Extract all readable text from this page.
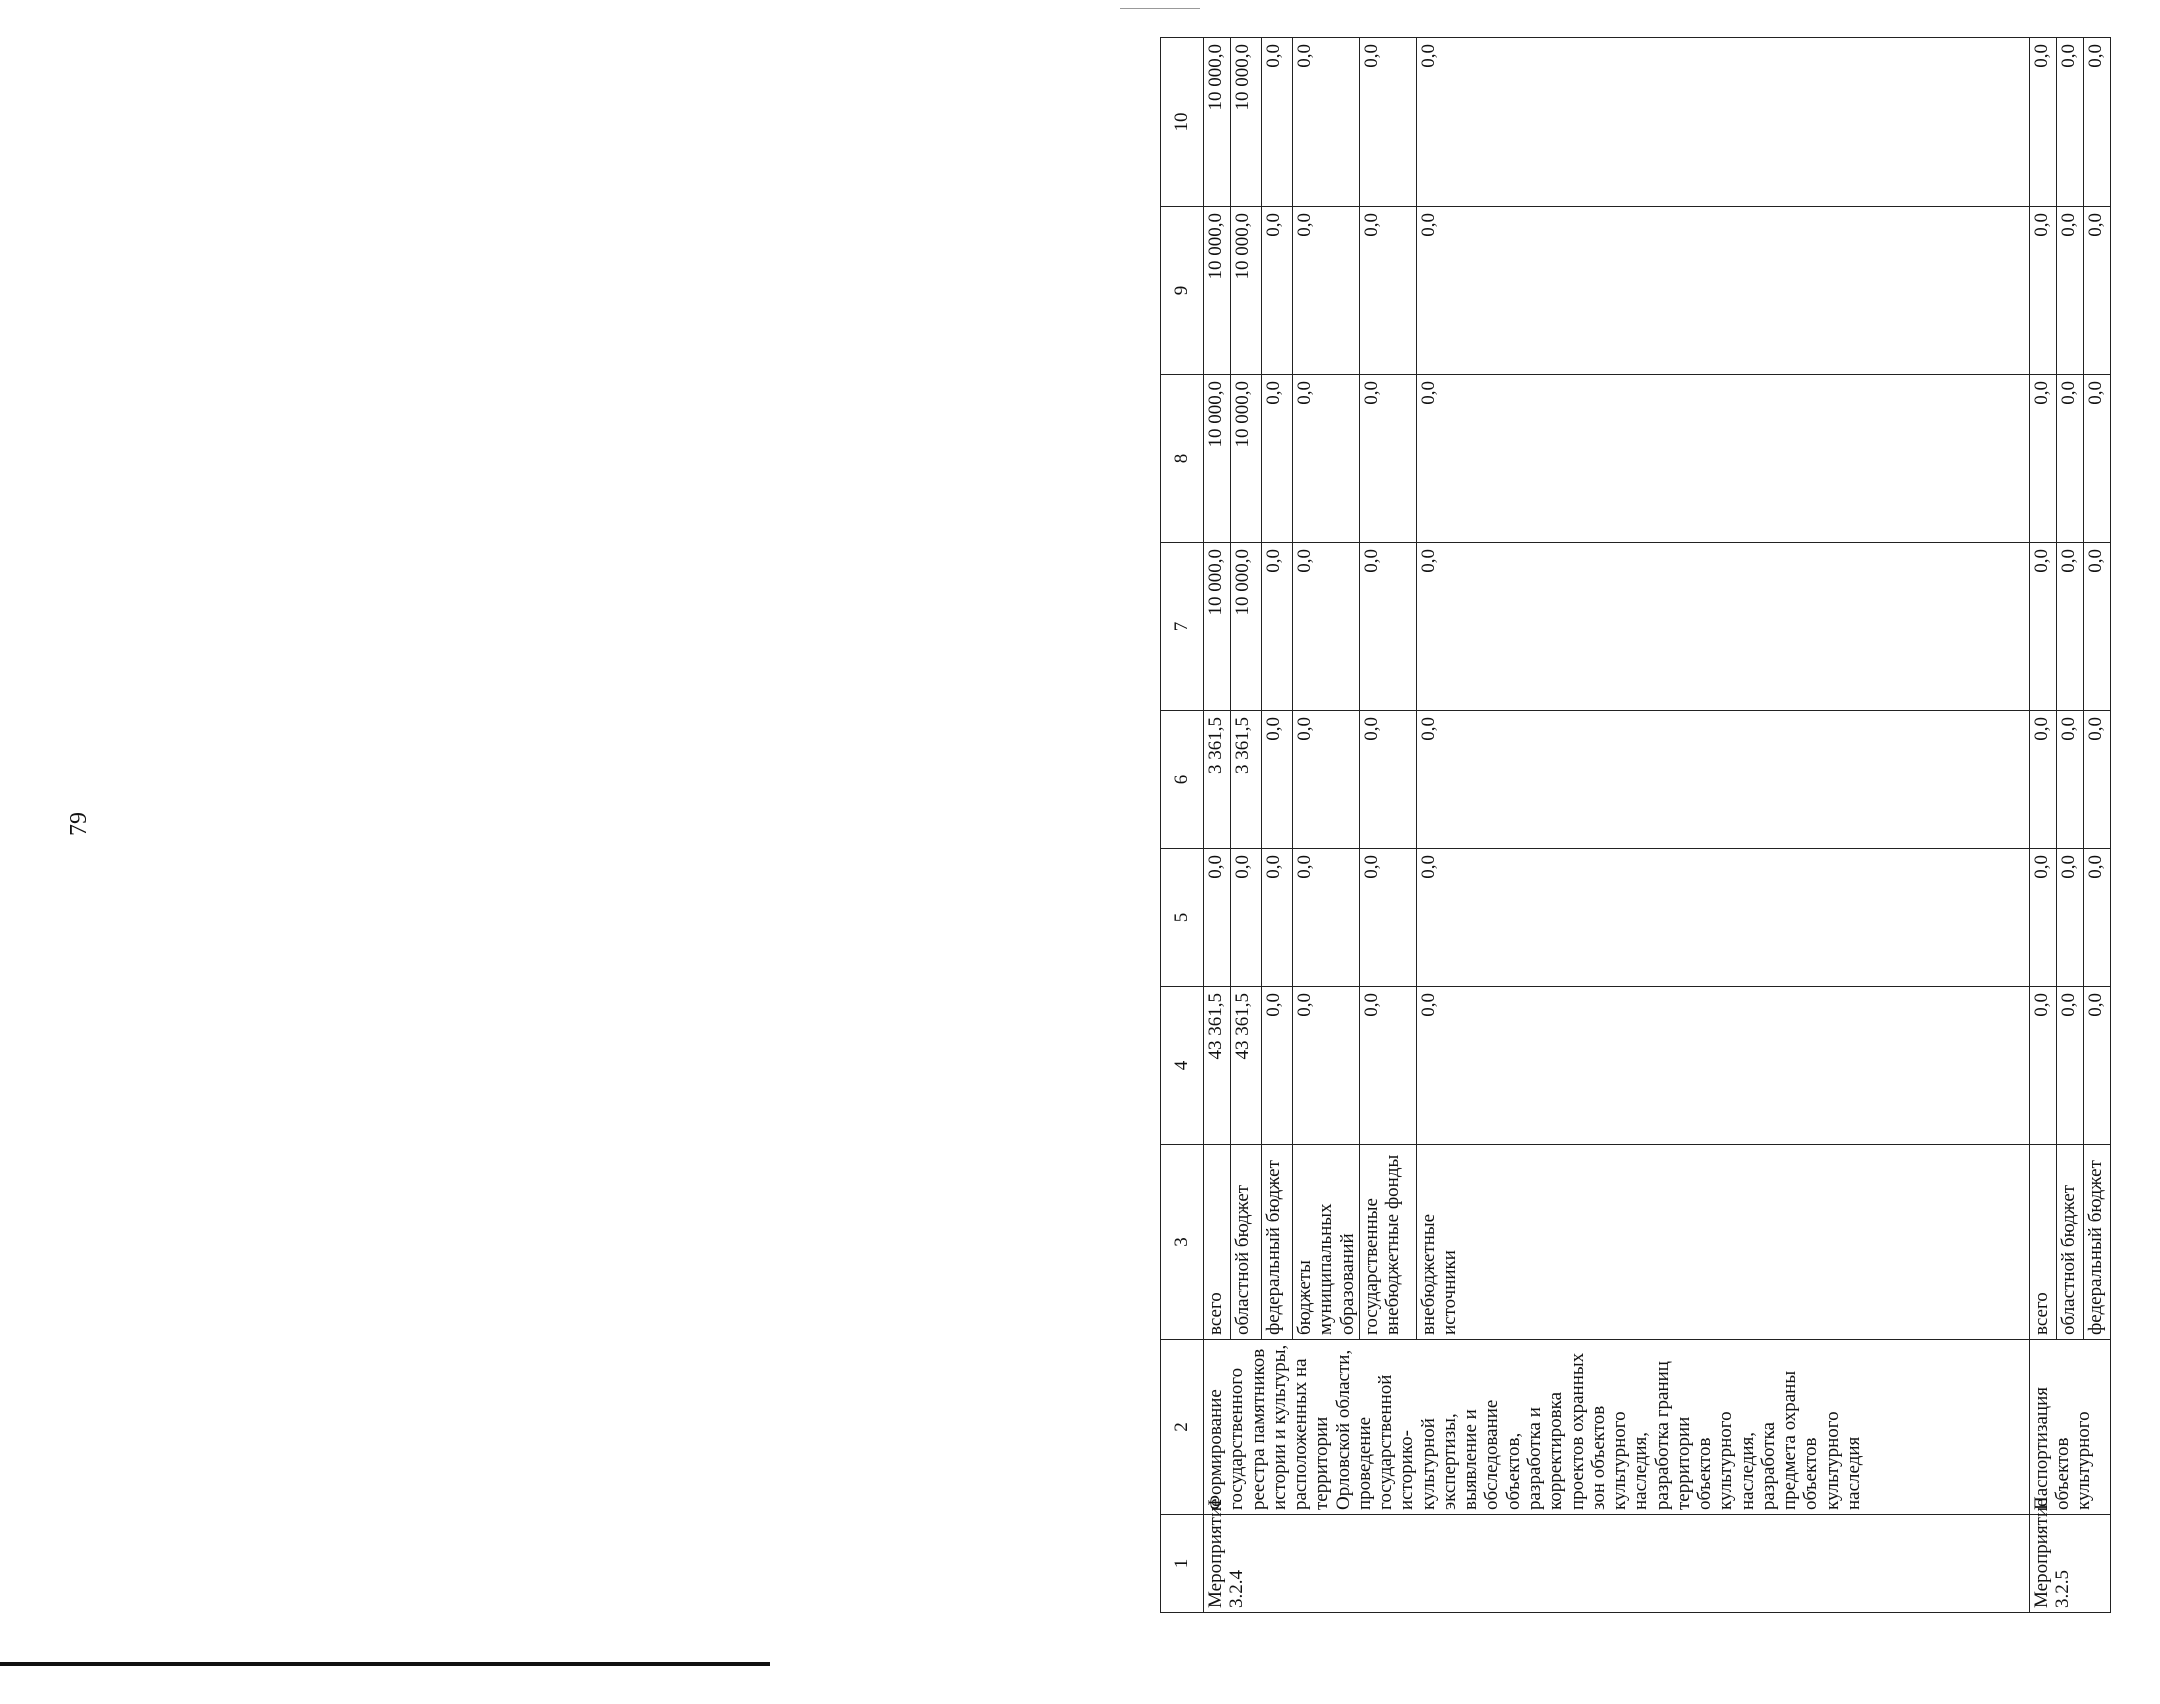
79
1	2	3	4	5	6	7	8	9	10
Мероприятие 3.2.4	Формирование государственного реестра памятников истории и культуры, расположенных на территории Орловской области, проведение государственной историко-культурной экспертизы, выявление и обследование объектов, разработка и корректировка проектов охранных зон объектов культурного наследия, разработка границ территории объектов культурного наследия, разработка предмета охраны объектов культурного наследия	всего	43 361,5	0,0	3 361,5	10 000,0	10 000,0	10 000,0	10 000,0
		областной бюджет	43 361,5	0,0	3 361,5	10 000,0	10 000,0	10 000,0	10 000,0
		федеральный бюджет	0,0	0,0	0,0	0,0	0,0	0,0	0,0
		бюджеты муниципальных образований	0,0	0,0	0,0	0,0	0,0	0,0	0,0
		государственные внебюджетные фонды	0,0	0,0	0,0	0,0	0,0	0,0	0,0
		внебюджетные источники	0,0	0,0	0,0	0,0	0,0	0,0	0,0

Мероприятие 3.2.5	Паспортизация объектов культурного	всего	0,0	0,0	0,0	0,0	0,0	0,0	0,0
		областной бюджет	0,0	0,0	0,0	0,0	0,0	0,0	0,0
		федеральный бюджет	0,0	0,0	0,0	0,0	0,0	0,0	0,0
